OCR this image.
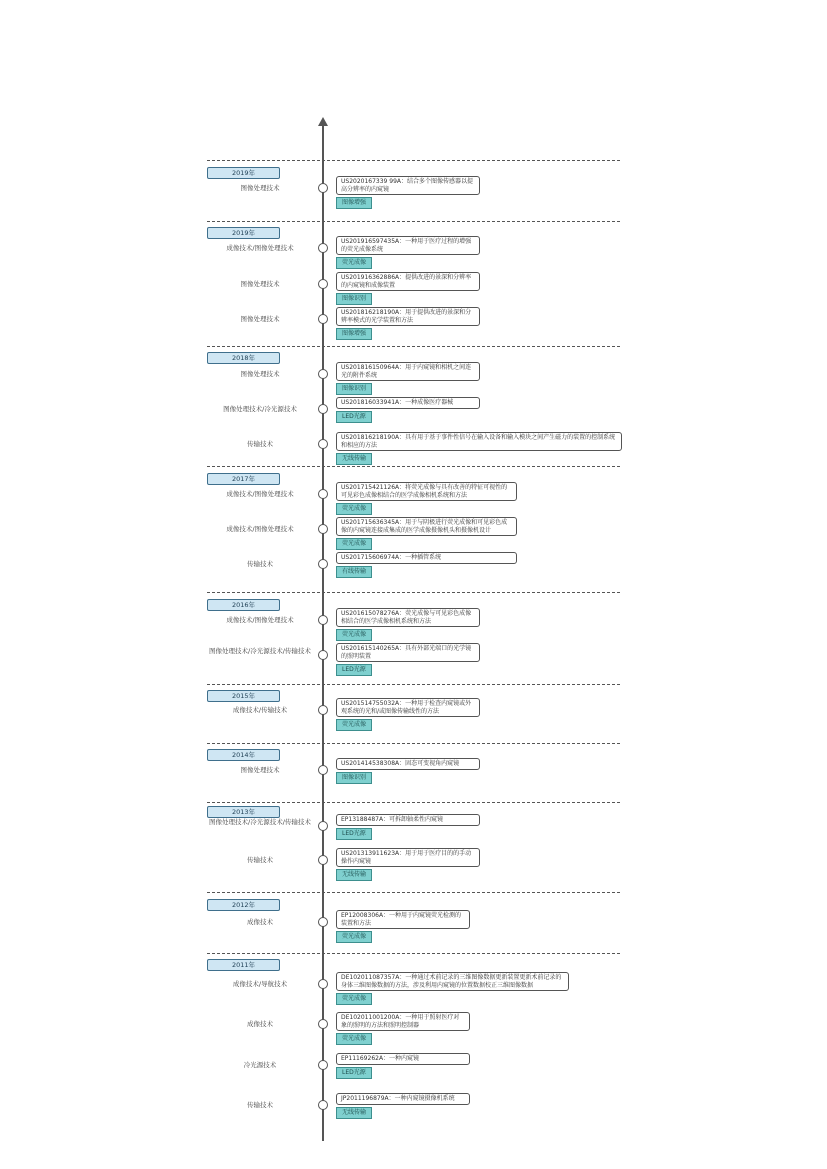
2019年
图像处理技术
US2020167339 99A：结合多个图像传感器以提高分辨率的内窥镜
图像增强
2019年
成像技术/图像处理技术
US201916597435A：一种用于医疗过程的增强的荧光成像系统
荧光成像
图像处理技术
US201916362886A：提供改进的景深和分辨率的内窥镜和成像装置
图像识别
图像处理技术
US201816218190A：用于提供改进的景深和分辨率模式的光学装置和方法
图像增强
2018年
图像处理技术
US201816150964A：用于内窥镜和相机之间连光的附件系统
图像识别
图像处理技术/冷光源技术
US201816033941A：一种成像医疗器械
LED光源
传输技术
US201816218190A：具有用于基于事件性信号在输入设备和输入模块之间产生磁力的装置的控制系统和相应的方法
无线传输
2017年
成像技术/图像处理技术
US201715421126A：将荧光成像与具有改善的特征可视性的可见彩色成像相结合的医学成像相机系统和方法
荧光成像
成像技术/图像处理技术
US201715636345A：用于与阴极进行荧光成像和可见彩色成像的内窥镜连接成集成的医学成像摄像机头和摄像机设计
荧光成像
传输技术
US201715606974A：一种插管系统
有线传输
2016年
成像技术/图像处理技术
US201615078276A：荧光成像与可见彩色成像相结合的医学成像相机系统和方法
荧光成像
图像处理技术/冷光源技术/传输技术	US201615140265A：具有外部光端口的光学镜的照明装置
LED光源
2015年
成像技术/传输技术
US201514755032A：一种用于检查内窥镜或外观系统的光和/或图像传输线性的方法
荧光成像
2014年
图像处理技术
US201414538308A：固态可变视角内窥镜
图像识别
2013年
图像处理技术/冷光源技术/传输技术	EP13188487A：可拆卸轴柔性内窥镜
LED光源
传输技术
US201313911623A：用于用于医疗目的的手动操作内窥镜
无线传输
2012年
成像技术
EP12008306A：一种用于内窥镜荧光检测的装置和方法
荧光成像
2011年
成像技术/导航技术
DE102011087357A：一种通过术前记录的三维图像数据更新装置更新术前记录的身体三维图像数据的方法，涉及利用内窥镜的位置数据校正三维图像数据
荧光成像
成像技术
DE102011001200A：一种用于照射医疗对象的照明的方法和照明控制器
荧光成像
冷光源技术
EP11169262A：一种内窥镜
LED光源
传输技术
JP2011196879A：一种内窥镜摄像机系统
无线传输
